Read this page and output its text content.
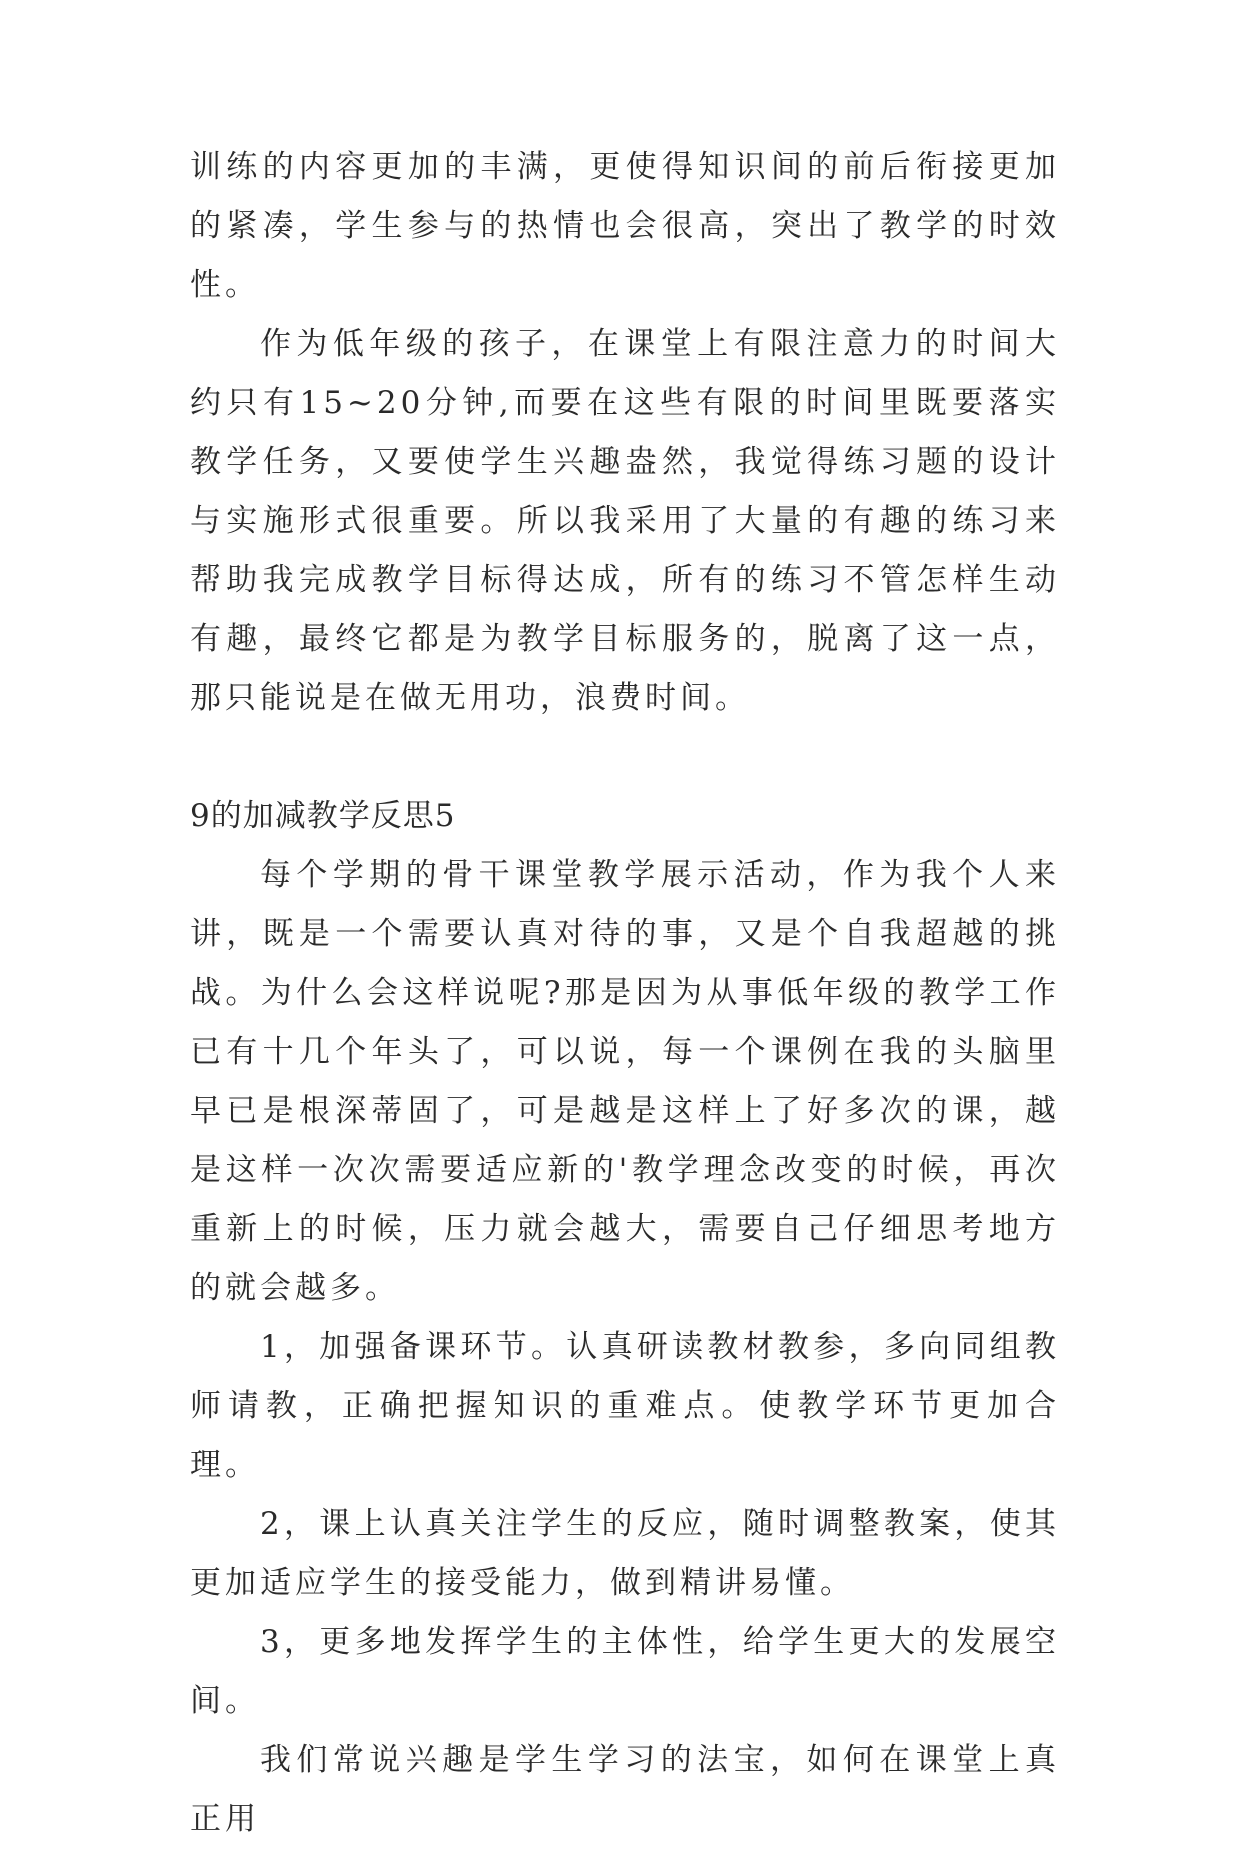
训练的内容更加的丰满，更使得知识间的前后衔接更加的紧凑，学生参与的热情也会很高，突出了教学的时效性。

作为低年级的孩子，在课堂上有限注意力的时间大约只有15~20分钟,而要在这些有限的时间里既要落实教学任务，又要使学生兴趣盎然，我觉得练习题的设计与实施形式很重要。所以我采用了大量的有趣的练习来帮助我完成教学目标得达成，所有的练习不管怎样生动有趣，最终它都是为教学目标服务的，脱离了这一点，那只能说是在做无用功，浪费时间。

9的加减教学反思5

每个学期的骨干课堂教学展示活动，作为我个人来讲，既是一个需要认真对待的事，又是个自我超越的挑战。为什么会这样说呢?那是因为从事低年级的教学工作已有十几个年头了，可以说，每一个课例在我的头脑里早已是根深蒂固了，可是越是这样上了好多次的课，越是这样一次次需要适应新的'教学理念改变的时候，再次重新上的时候，压力就会越大，需要自己仔细思考地方的就会越多。

1，加强备课环节。认真研读教材教参，多向同组教师请教，正确把握知识的重难点。使教学环节更加合理。

2，课上认真关注学生的反应，随时调整教案，使其更加适应学生的接受能力，做到精讲易懂。

3，更多地发挥学生的主体性，给学生更大的发展空间。

我们常说兴趣是学生学习的法宝，如何在课堂上真正用
